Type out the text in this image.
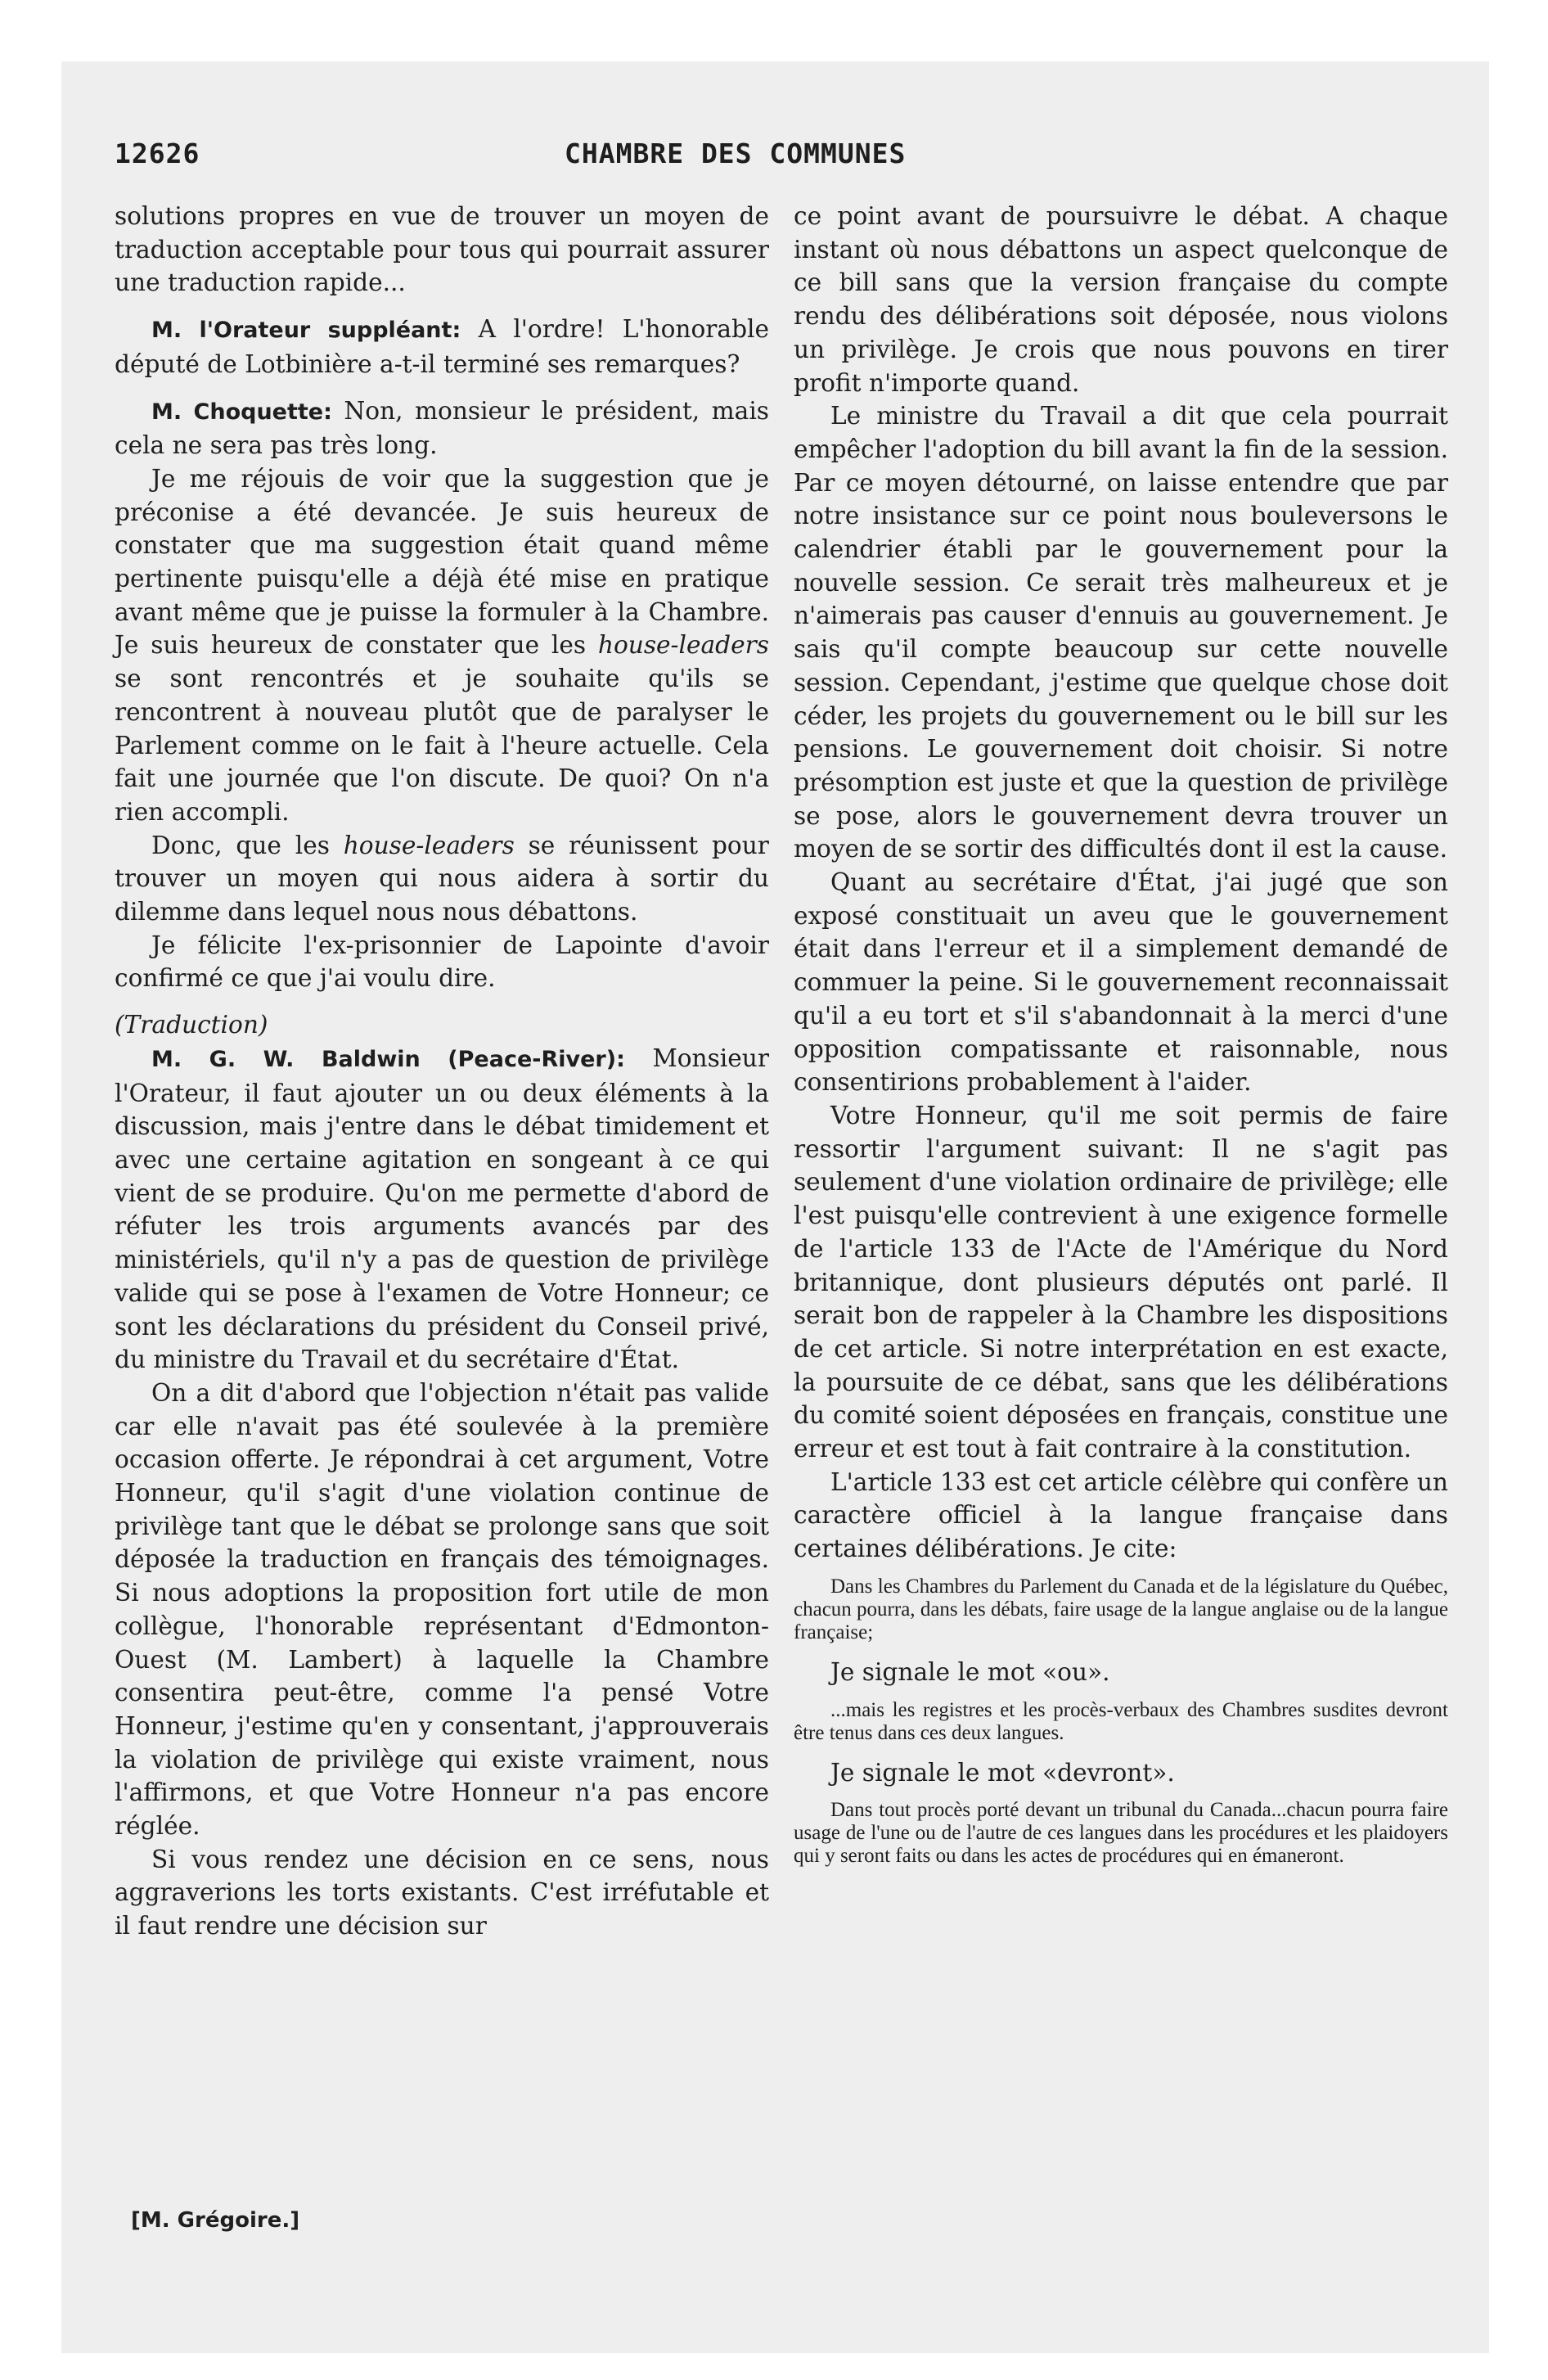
12626	CHAMBRE DES COMMUNES

solutions propres en vue de trouver un moyen de traduction acceptable pour tous qui pourrait assurer une traduction rapide...

M. l'Orateur suppléant: A l'ordre! L'honorable député de Lotbinière a-t-il terminé ses remarques?

M. Choquette: Non, monsieur le président, mais cela ne sera pas très long.

Je me réjouis de voir que la suggestion que je préconise a été devancée. Je suis heureux de constater que ma suggestion était quand même pertinente puisqu'elle a déjà été mise en pratique avant même que je puisse la formuler à la Chambre. Je suis heureux de constater que les house-leaders se sont rencontrés et je souhaite qu'ils se rencontrent à nouveau plutôt que de paralyser le Parlement comme on le fait à l'heure actuelle. Cela fait une journée que l'on discute. De quoi? On n'a rien accompli.

Donc, que les house-leaders se réunissent pour trouver un moyen qui nous aidera à sortir du dilemme dans lequel nous nous débattons.

Je félicite l'ex-prisonnier de Lapointe d'avoir confirmé ce que j'ai voulu dire.

(Traduction)

M. G. W. Baldwin (Peace-River): Monsieur l'Orateur, il faut ajouter un ou deux éléments à la discussion, mais j'entre dans le débat timidement et avec une certaine agitation en songeant à ce qui vient de se produire. Qu'on me permette d'abord de réfuter les trois arguments avancés par des ministériels, qu'il n'y a pas de question de privilège valide qui se pose à l'examen de Votre Honneur; ce sont les déclarations du président du Conseil privé, du ministre du Travail et du secrétaire d'État.

On a dit d'abord que l'objection n'était pas valide car elle n'avait pas été soulevée à la première occasion offerte. Je répondrai à cet argument, Votre Honneur, qu'il s'agit d'une violation continue de privilège tant que le débat se prolonge sans que soit déposée la traduction en français des témoignages. Si nous adoptions la proposition fort utile de mon collègue, l'honorable représentant d'Edmonton-Ouest (M. Lambert) à laquelle la Chambre consentira peut-être, comme l'a pensé Votre Honneur, j'estime qu'en y consentant, j'approuverais la violation de privilège qui existe vraiment, nous l'affirmons, et que Votre Honneur n'a pas encore réglée.

Si vous rendez une décision en ce sens, nous aggraverions les torts existants. C'est irréfutable et il faut rendre une décision sur

ce point avant de poursuivre le débat. A chaque instant où nous débattons un aspect quelconque de ce bill sans que la version française du compte rendu des délibérations soit déposée, nous violons un privilège. Je crois que nous pouvons en tirer profit n'importe quand.

Le ministre du Travail a dit que cela pourrait empêcher l'adoption du bill avant la fin de la session. Par ce moyen détourné, on laisse entendre que par notre insistance sur ce point nous bouleversons le calendrier établi par le gouvernement pour la nouvelle session. Ce serait très malheureux et je n'aimerais pas causer d'ennuis au gouvernement. Je sais qu'il compte beaucoup sur cette nouvelle session. Cependant, j'estime que quelque chose doit céder, les projets du gouvernement ou le bill sur les pensions. Le gouvernement doit choisir. Si notre présomption est juste et que la question de privilège se pose, alors le gouvernement devra trouver un moyen de se sortir des difficultés dont il est la cause.

Quant au secrétaire d'État, j'ai jugé que son exposé constituait un aveu que le gouvernement était dans l'erreur et il a simplement demandé de commuer la peine. Si le gouvernement reconnaissait qu'il a eu tort et s'il s'abandonnait à la merci d'une opposition compatissante et raisonnable, nous consentirions probablement à l'aider.

Votre Honneur, qu'il me soit permis de faire ressortir l'argument suivant: Il ne s'agit pas seulement d'une violation ordinaire de privilège; elle l'est puisqu'elle contrevient à une exigence formelle de l'article 133 de l'Acte de l'Amérique du Nord britannique, dont plusieurs députés ont parlé. Il serait bon de rappeler à la Chambre les dispositions de cet article. Si notre interprétation en est exacte, la poursuite de ce débat, sans que les délibérations du comité soient déposées en français, constitue une erreur et est tout à fait contraire à la constitution.

L'article 133 est cet article célèbre qui confère un caractère officiel à la langue française dans certaines délibérations. Je cite:

Dans les Chambres du Parlement du Canada et de la législature du Québec, chacun pourra, dans les débats, faire usage de la langue anglaise ou de la langue française;

Je signale le mot «ou».

...mais les registres et les procès-verbaux des Chambres susdites devront être tenus dans ces deux langues.

Je signale le mot «devront».

Dans tout procès porté devant un tribunal du Canada...chacun pourra faire usage de l'une ou de l'autre de ces langues dans les procédures et les plaidoyers qui y seront faits ou dans les actes de procédures qui en émaneront.

[M. Grégoire.]
